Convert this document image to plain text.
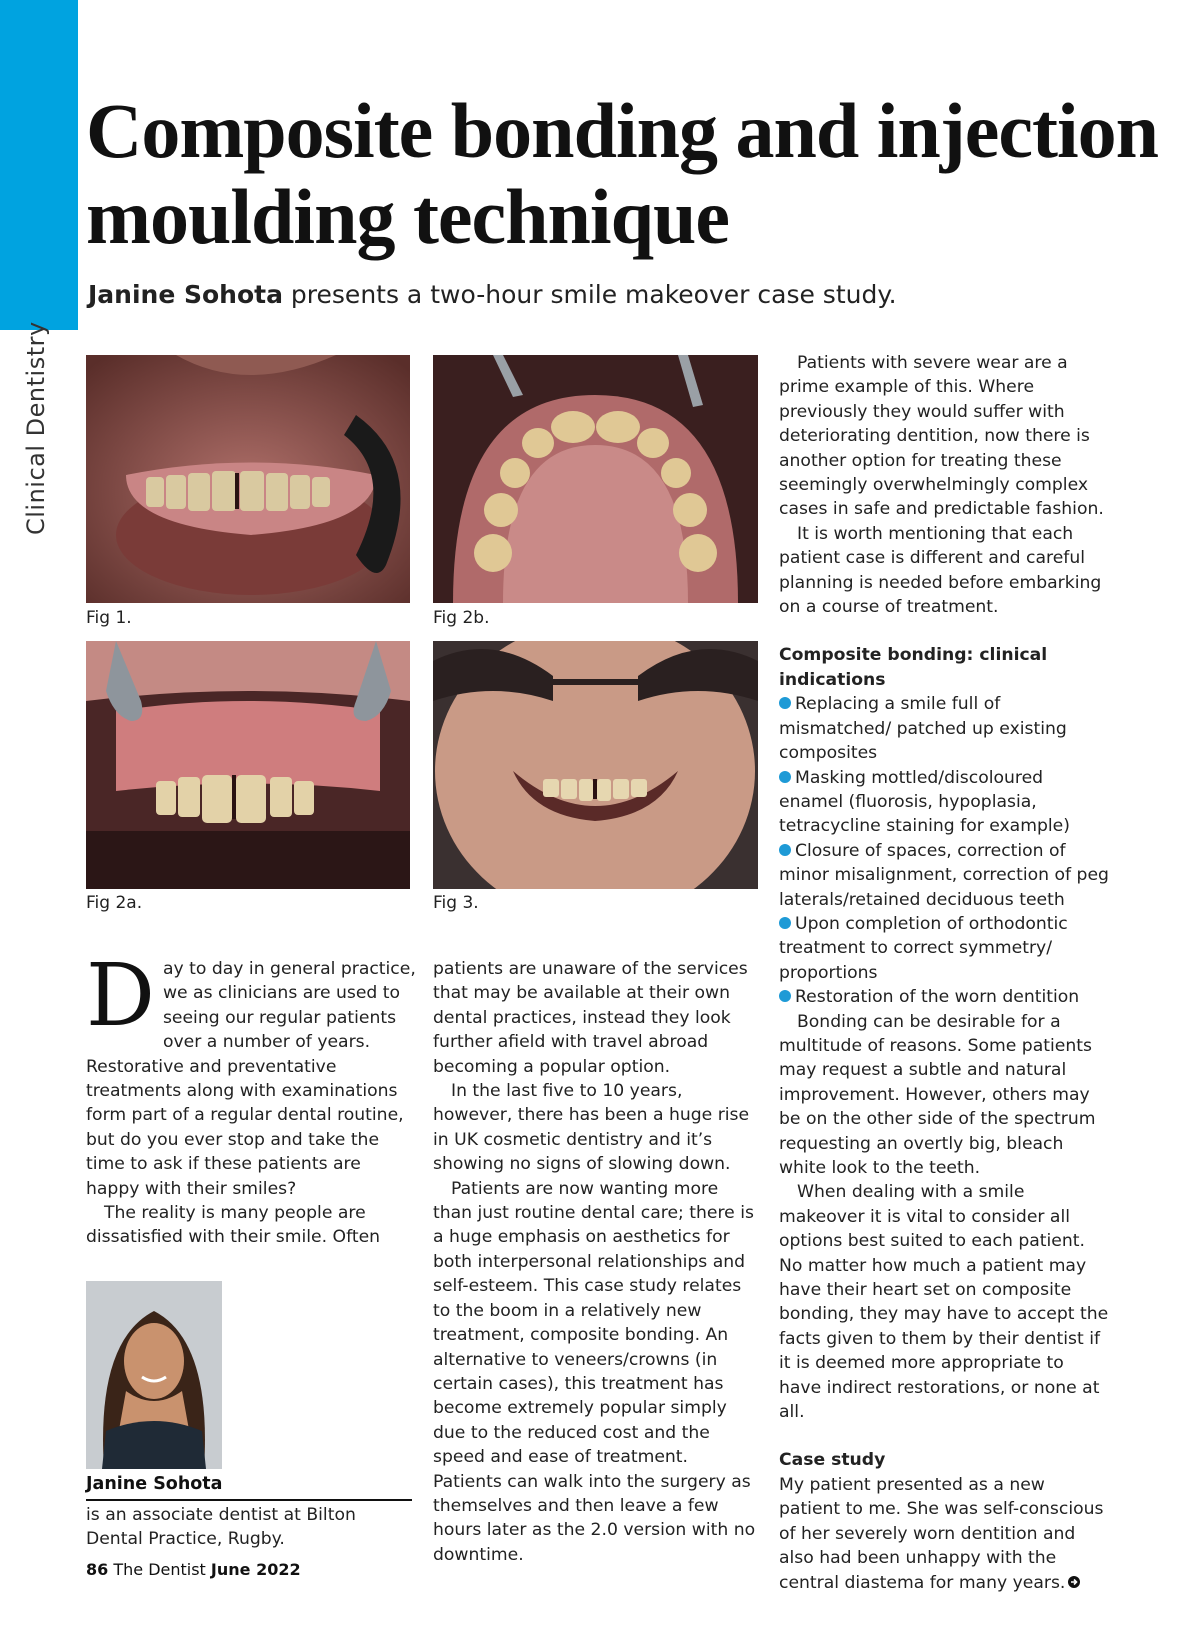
Clinical Dentistry
Composite bonding and injection moulding technique

Janine Sohota presents a two-hour smile makeover case study.

Fig 1.	Fig 2b.
Fig 2a.	Fig 3.

Day to day in general practice, we as clinicians are used to seeing our regular patients over a number of years. Restorative and preventative treatments along with examinations form part of a regular dental routine, but do you ever stop and take the time to ask if these patients are happy with their smiles?

The reality is many people are dissatisfied with their smile. Often

Janine Sohota
is an associate dentist at Bilton Dental Practice, Rugby.

patients are unaware of the services that may be available at their own dental practices, instead they look further afield with travel abroad becoming a popular option.

In the last five to 10 years, however, there has been a huge rise in UK cosmetic dentistry and it’s showing no signs of slowing down.

Patients are now wanting more than just routine dental care; there is a huge emphasis on aesthetics for both interpersonal relationships and self-esteem. This case study relates to the boom in a relatively new treatment, composite bonding. An alternative to veneers/crowns (in certain cases), this treatment has become extremely popular simply due to the reduced cost and the speed and ease of treatment. Patients can walk into the surgery as themselves and then leave a few hours later as the 2.0 version with no downtime.

Patients with severe wear are a prime example of this. Where previously they would suffer with deteriorating dentition, now there is another option for treating these seemingly overwhelmingly complex cases in safe and predictable fashion.

It is worth mentioning that each patient case is different and careful planning is needed before embarking on a course of treatment.

Composite bonding: clinical indications
Replacing a smile full of mismatched/ patched up existing composites
Masking mottled/discoloured enamel (fluorosis, hypoplasia, tetracycline staining for example)
Closure of spaces, correction of minor misalignment, correction of peg laterals/retained deciduous teeth
Upon completion of orthodontic treatment to correct symmetry/ proportions
Restoration of the worn dentition

Bonding can be desirable for a multitude of reasons. Some patients may request a subtle and natural improvement. However, others may be on the other side of the spectrum requesting an overtly big, bleach white look to the teeth.

When dealing with a smile makeover it is vital to consider all options best suited to each patient. No matter how much a patient may have their heart set on composite bonding, they may have to accept the facts given to them by their dentist if it is deemed more appropriate to have indirect restorations, or none at all.

Case study

My patient presented as a new patient to me. She was self-conscious of her severely worn dentition and also had been unhappy with the central diastema for many years.

86 The Dentist June 2022
